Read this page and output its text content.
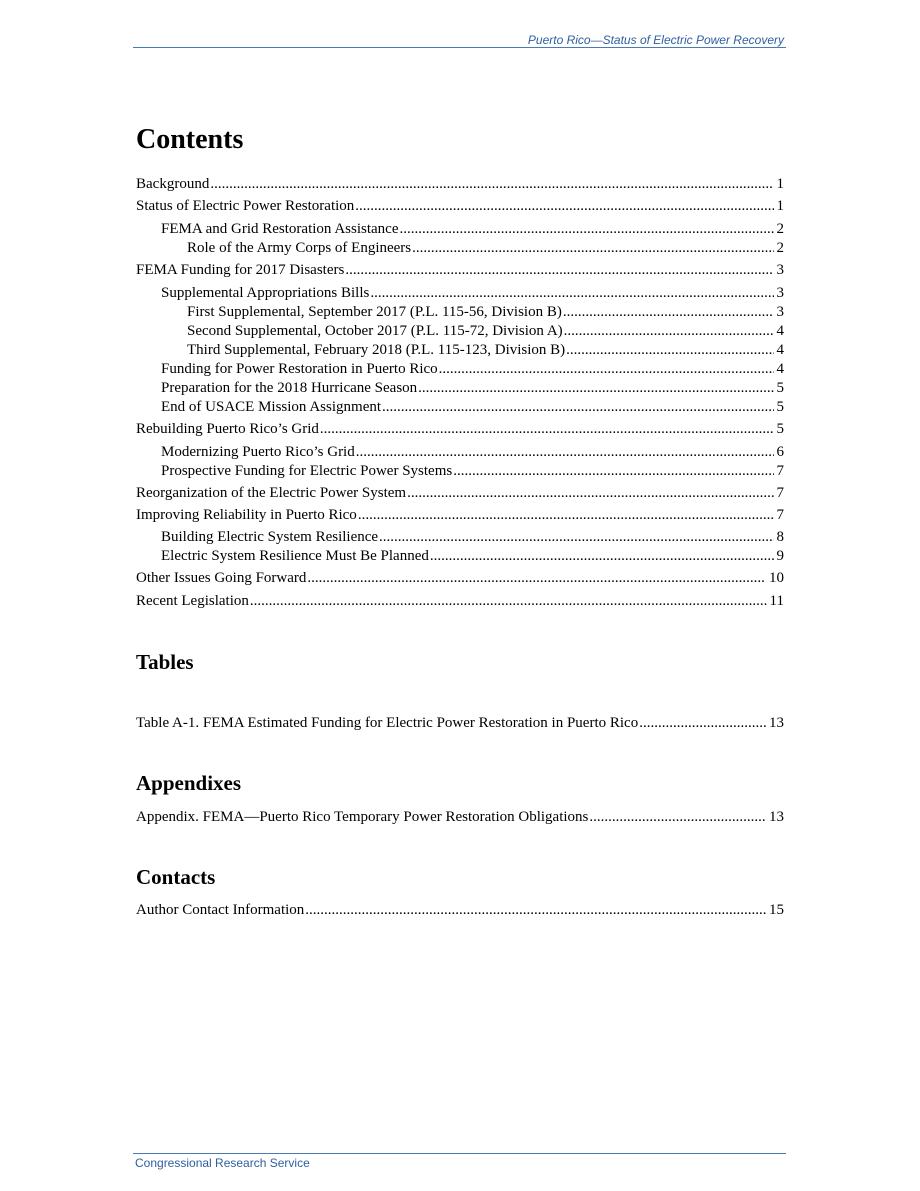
Puerto Rico—Status of Electric Power Recovery
Contents
Background .....	1
Status of Electric Power Restoration .....	1
FEMA and Grid Restoration Assistance .....	2
Role of the Army Corps of Engineers .....	2
FEMA Funding for 2017 Disasters .....	3
Supplemental Appropriations Bills .....	3
First Supplemental, September 2017 (P.L. 115-56, Division B) .....	3
Second Supplemental, October 2017 (P.L. 115-72, Division A) .....	4
Third Supplemental, February 2018 (P.L. 115-123, Division B) .....	4
Funding for Power Restoration in Puerto Rico .....	4
Preparation for the 2018 Hurricane Season .....	5
End of USACE Mission Assignment .....	5
Rebuilding Puerto Rico’s Grid .....	5
Modernizing Puerto Rico’s Grid .....	6
Prospective Funding for Electric Power Systems .....	7
Reorganization of the Electric Power System .....	7
Improving Reliability in Puerto Rico .....	7
Building Electric System Resilience .....	8
Electric System Resilience Must Be Planned .....	9
Other Issues Going Forward .....	10
Recent Legislation .....	11
Tables
Table A-1. FEMA Estimated Funding for Electric Power Restoration in Puerto Rico .....	13
Appendixes
Appendix. FEMA—Puerto Rico Temporary Power Restoration Obligations .....	13
Contacts
Author Contact Information .....	15
Congressional Research Service
